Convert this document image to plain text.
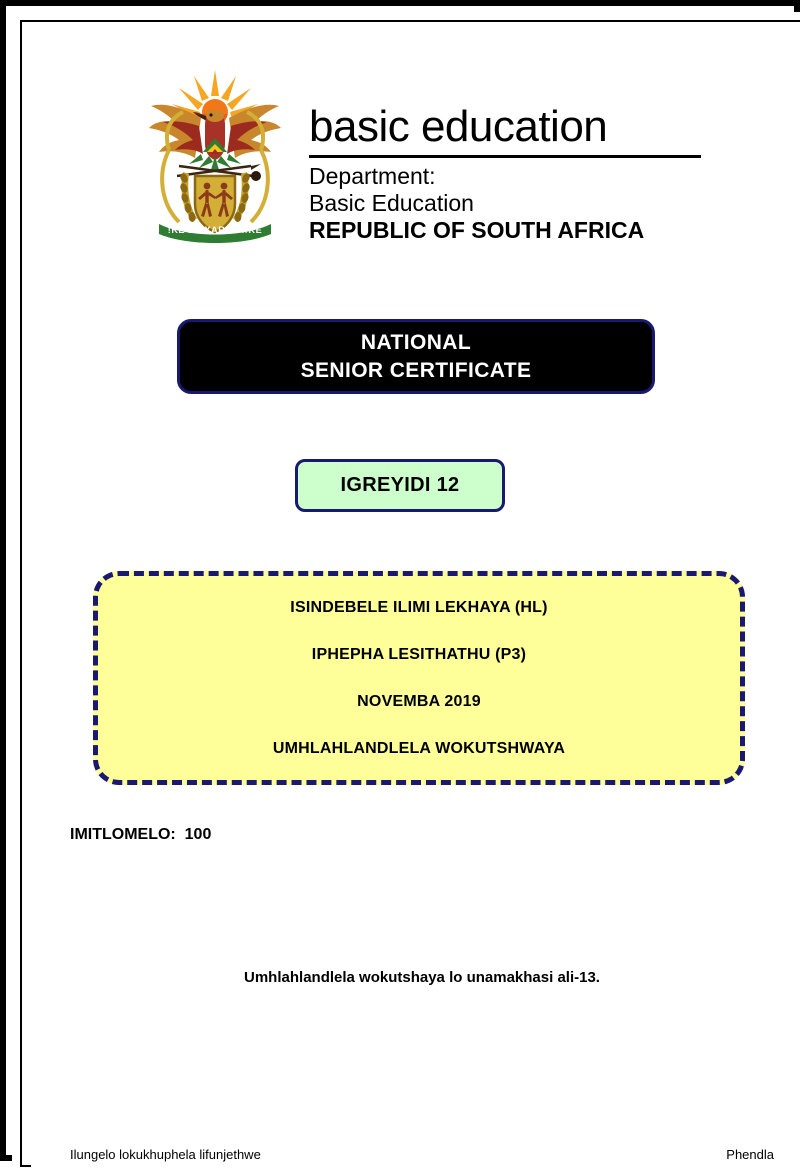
!KE E: /XARRA //KE
basic education
Department:
Basic Education
REPUBLIC OF SOUTH AFRICA
NATIONAL
SENIOR CERTIFICATE
IGREYIDI 12
ISINDEBELE ILIMI LEKHAYA (HL)
IPHEPHA LESITHATHU (P3)
NOVEMBA 2019
UMHLAHLANDLELA WOKUTSHWAYA
IMITLOMELO:  100
Umhlahlandlela wokutshaya lo unamakhasi ali-13.
Ilungelo lokukhuphela lifunjethwe	Phendla
